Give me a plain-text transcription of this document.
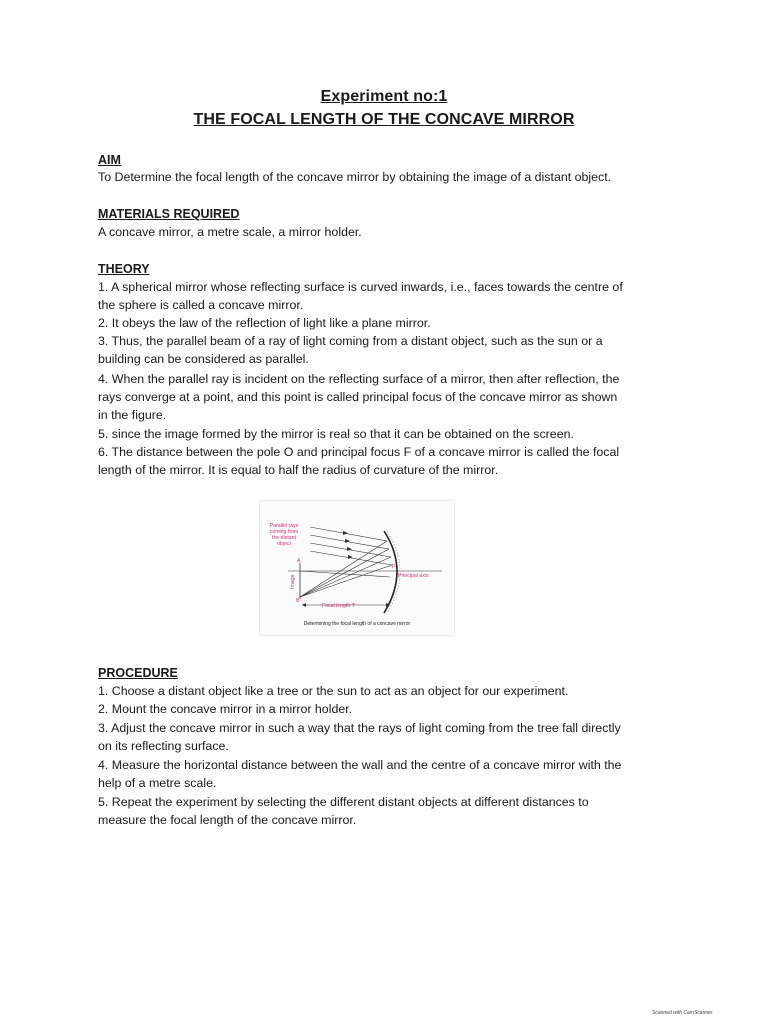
Experiment no:1
THE FOCAL LENGTH OF THE CONCAVE MIRROR
AIM
To Determine the focal length of the concave mirror by obtaining the image of a distant object.
MATERIALS REQUIRED
A concave mirror, a metre scale, a mirror holder.
THEORY
1. A spherical mirror whose reflecting surface is curved inwards, i.e., faces towards the centre of
the sphere is called a concave mirror.
2. It obeys the law of the reflection of light like a plane mirror.
3. Thus, the parallel beam of a ray of light coming from a distant object, such as the sun or a
building can be considered as parallel.
4. When the parallel ray is incident on the reflecting surface of a mirror, then after reflection, the
rays converge at a point, and this point is called principal focus of the concave mirror as shown
in the figure.
5. since the image formed by the mirror is real so that it can be obtained on the screen.
6. The distance between the pole O and principal focus F of a concave mirror is called the focal
length of the mirror. It is equal to half the radius of curvature of the mirror.
Parallel rays
coming from
the distant
object
Principal axis
A
B
P
Focal length 'f'
Determining the focal length of a concave mirror
Image
PROCEDURE
1. Choose a distant object like a tree or the sun to act as an object for our experiment.
2. Mount the concave mirror in a mirror holder.
3. Adjust the concave mirror in such a way that the rays of light coming from the tree fall directly
on its reflecting surface.
4. Measure the horizontal distance between the wall and the centre of a concave mirror with the
help of a metre scale.
5. Repeat the experiment by selecting the different distant objects at different distances to
measure the focal length of the concave mirror.
Scanned with CamScanner
